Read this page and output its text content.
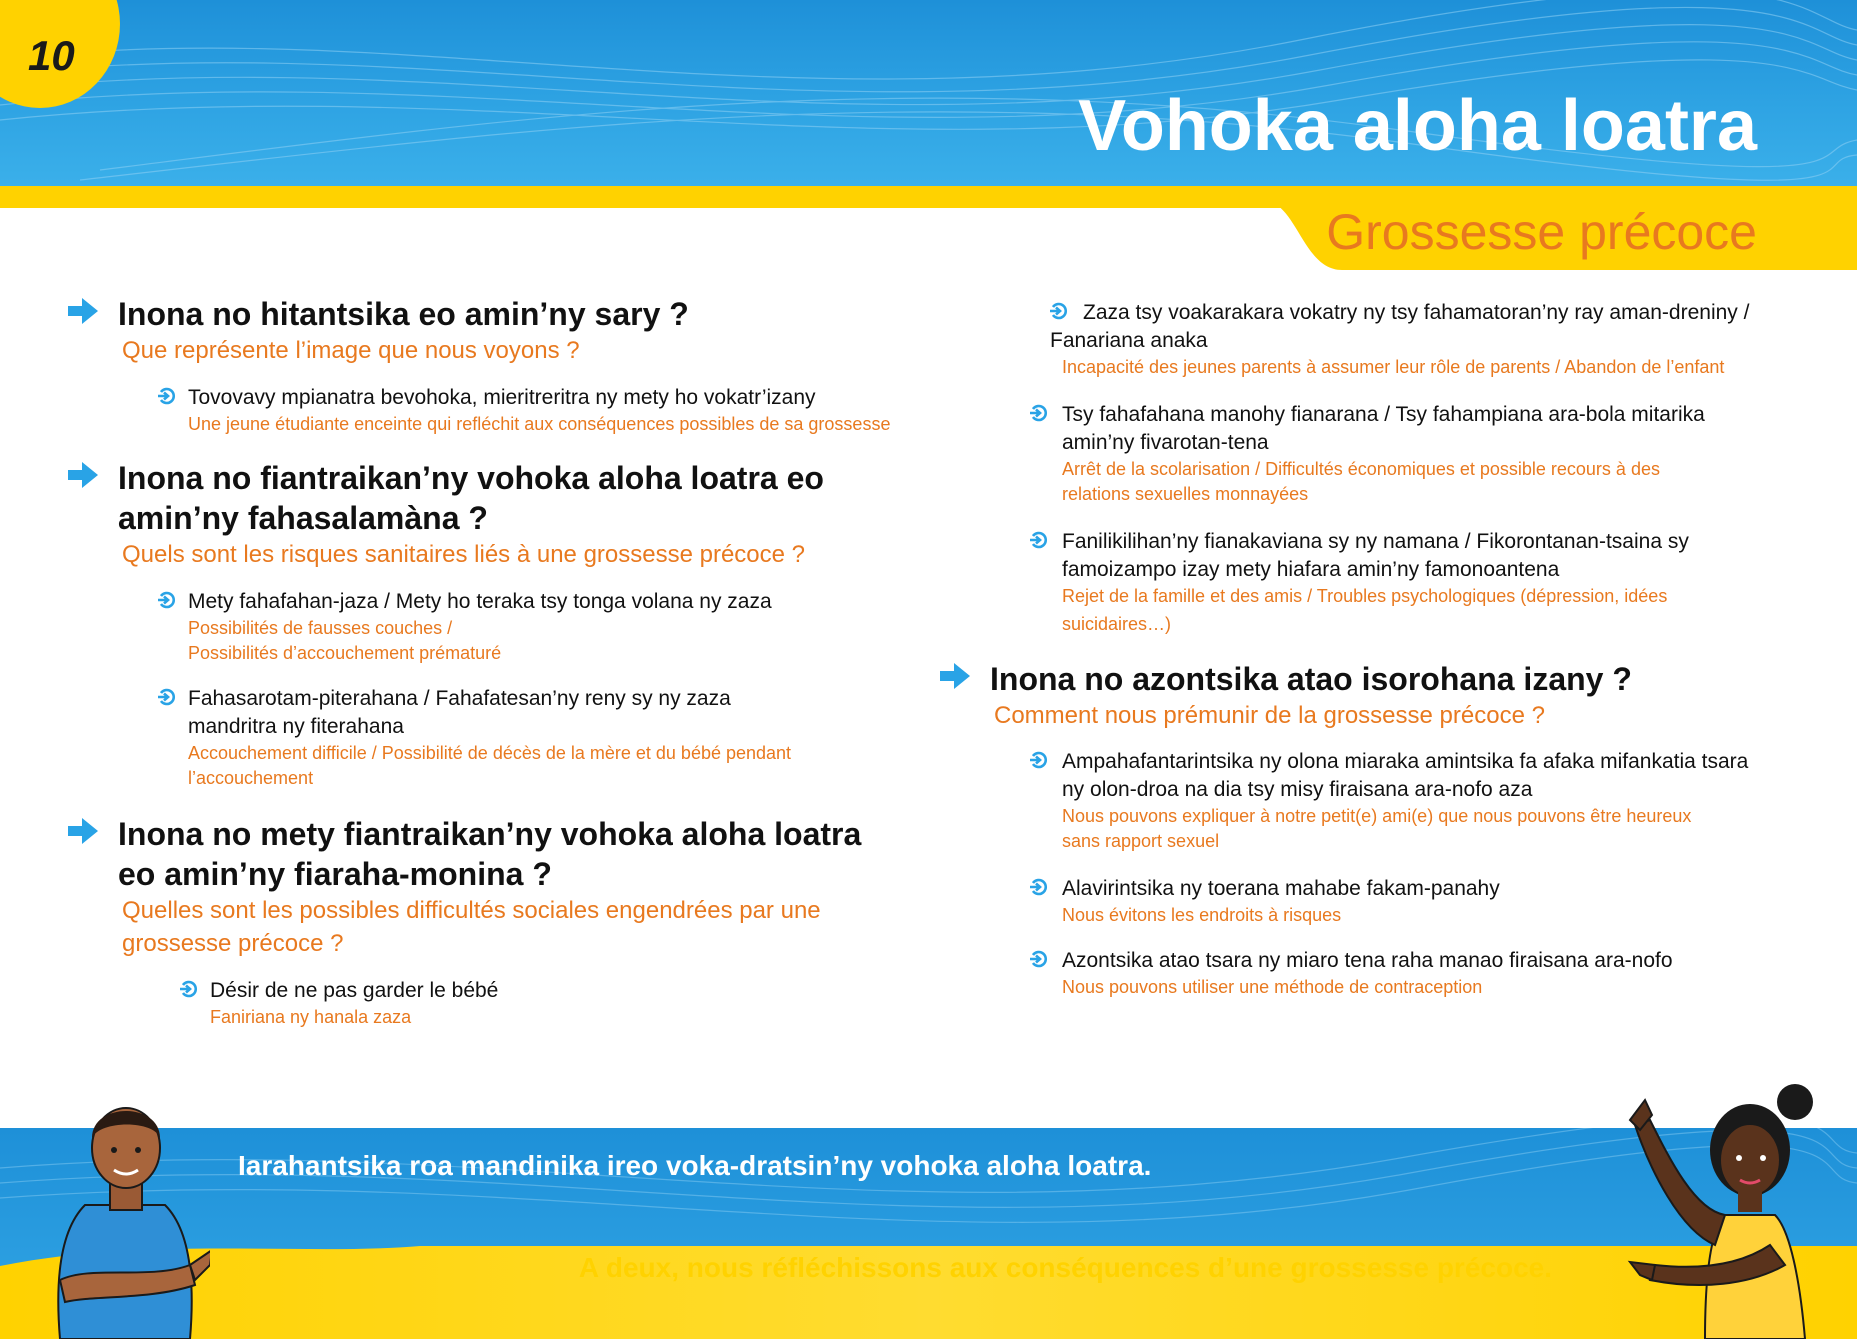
10
Vohoka aloha loatra
Grossesse précoce
Inona no hitantsika eo amin’ny sary ?
Que représente l’image que nous voyons ?
Tovovavy mpianatra bevohoka, mieritreritra ny mety ho vokatr’izany
Une jeune étudiante enceinte qui refléchit aux conséquences possibles de sa grossesse
Inona no fiantraikan’ny vohoka aloha loatra eo
amin’ny fahasalamàna ?
Quels sont les risques sanitaires liés à une grossesse précoce ?
Mety fahafahan-jaza / Mety ho teraka tsy tonga volana ny zaza
Possibilités de fausses couches /
Possibilités d’accouchement prématuré
Fahasarotam-piterahana / Fahafatesan’ny reny sy ny zaza
mandritra ny fiterahana
Accouchement difficile / Possibilité de décès de la mère et du bébé pendant
l’accouchement
Inona no mety fiantraikan’ny vohoka aloha loatra
eo amin’ny fiaraha-monina ?
Quelles sont les possibles difficultés sociales engendrées par une
grossesse précoce ?
Désir de ne pas garder le bébé
Faniriana ny hanala zaza
Zaza tsy voakarakara vokatry ny tsy fahamatoran’ny ray aman-dreniny /
Fanariana anaka
Incapacité des jeunes parents à assumer leur rôle de parents / Abandon de l’enfant
Tsy fahafahana manohy fianarana / Tsy fahampiana ara-bola mitarika
amin’ny fivarotan-tena
Arrêt de la scolarisation / Difficultés économiques et possible recours à des
relations sexuelles monnayées
Fanilikilihan’ny fianakaviana sy ny namana / Fikorontanan-tsaina sy
famoizampo izay mety hiafara amin’ny famonoantena
Rejet de la famille et des amis / Troubles psychologiques (dépression, idées
suicidaires…)
Inona no azontsika atao isorohana izany ?
Comment nous prémunir de la grossesse précoce ?
Ampahafantarintsika ny olona miaraka amintsika fa afaka mifankatia tsara
ny olon-droa na dia tsy misy firaisana ara-nofo aza
Nous pouvons expliquer à notre petit(e) ami(e) que nous pouvons être heureux
sans rapport sexuel
Alavirintsika ny toerana mahabe fakam-panahy
Nous évitons les endroits à risques
Azontsika atao tsara ny miaro tena raha manao firaisana ara-nofo
Nous pouvons utiliser une méthode de contraception
Iarahantsika roa mandinika ireo voka-dratsin’ny vohoka aloha loatra.
A deux, nous réfléchissons aux conséquences d’une grossesse précoce.
